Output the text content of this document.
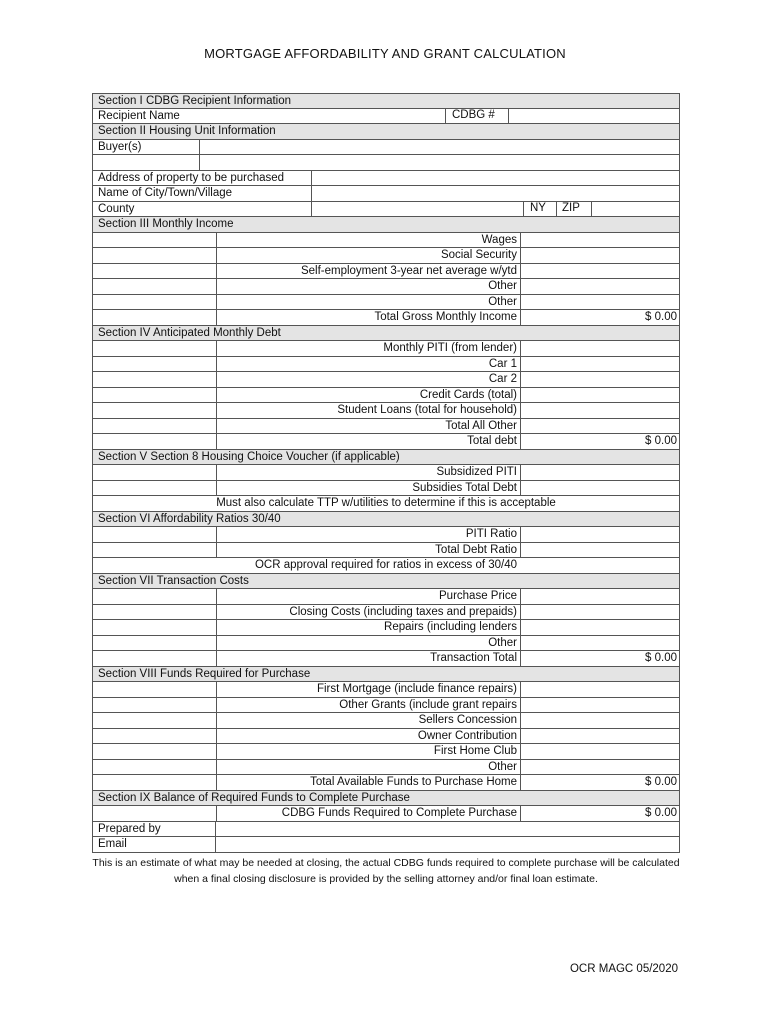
MORTGAGE AFFORDABILITY AND GRANT CALCULATION
Section I CDBG Recipient Information
Recipient Name	CDBG #
Section II Housing Unit Information
Buyer(s)
Address of property to be purchased
Name of City/Town/Village
County	NY ZIP
Section III Monthly Income
Wages
Social Security
Self-employment 3-year net average w/ytd
Other
Other
Total Gross Monthly Income	$ 0.00
Section IV Anticipated Monthly Debt
Monthly PITI (from lender)
Car 1
Car 2
Credit Cards (total)
Student Loans (total for household)
Total All Other
Total debt	$ 0.00
Section V Section 8 Housing Choice Voucher (if applicable)
Subsidized PITI
Subsidies Total Debt
Must also calculate TTP w/utilities to determine if this is acceptable
Section VI Affordability Ratios 30/40
PITI Ratio
Total Debt Ratio
OCR approval required for ratios in excess of 30/40
Section VII Transaction Costs
Purchase Price
Closing Costs (including taxes and prepaids)
Repairs (including lenders
Other
Transaction Total	$ 0.00
Section VIII Funds Required for Purchase
First Mortgage (include finance repairs)
Other Grants (include grant repairs
Sellers Concession
Owner Contribution
First Home Club
Other
Total Available Funds to Purchase Home	$ 0.00
Section IX Balance of Required Funds to Complete Purchase
CDBG Funds Required to Complete Purchase	$ 0.00
Prepared by
Email
This is an estimate of what may be needed at closing, the actual CDBG funds required to complete purchase will be calculated when a final closing disclosure is provided by the selling attorney and/or final loan estimate.
OCR MAGC 05/2020
